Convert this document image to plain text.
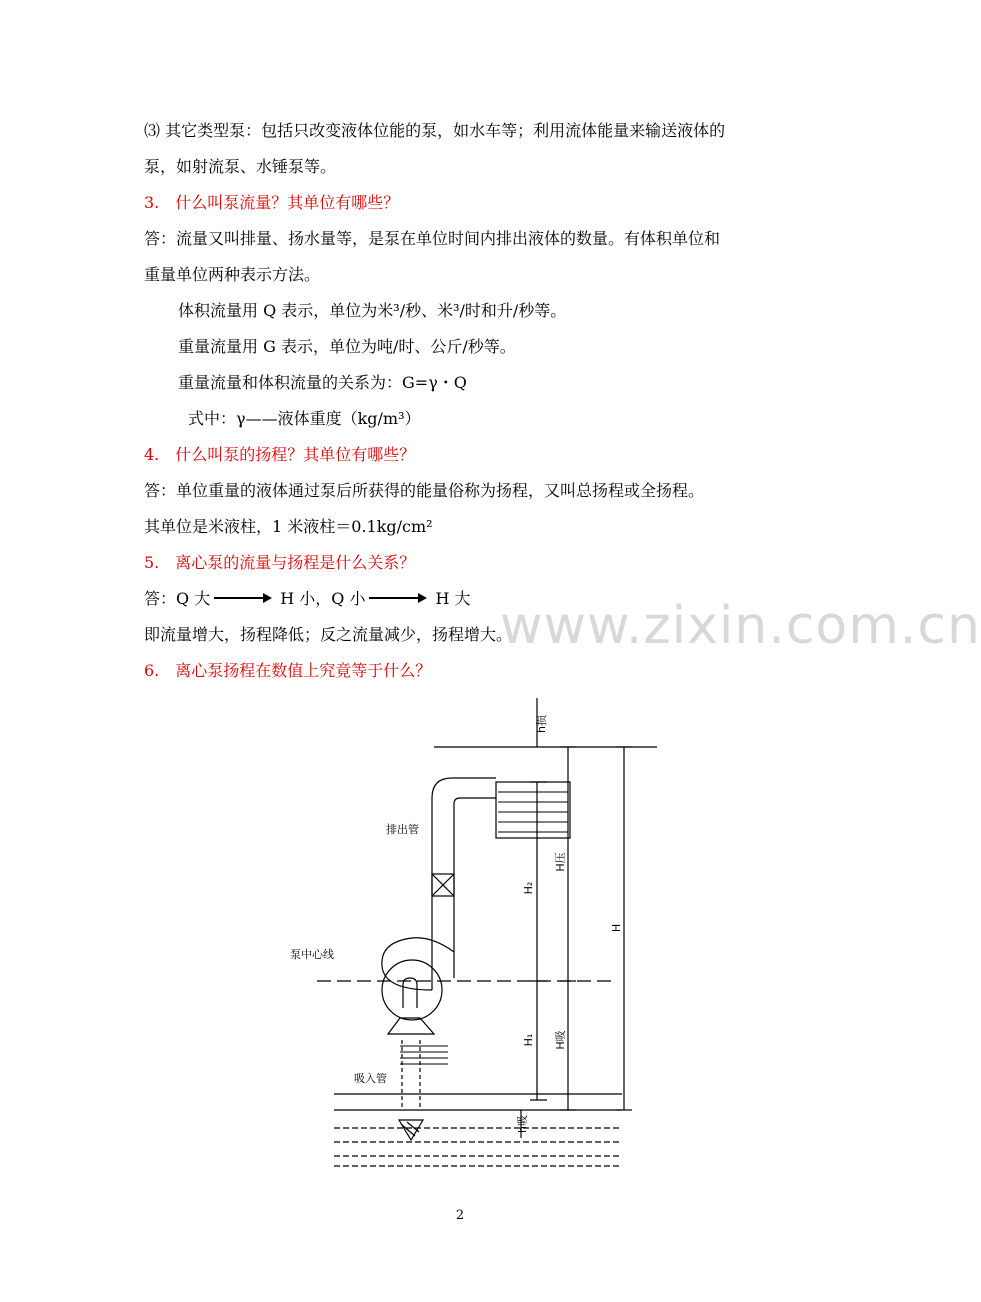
⑶ 其它类型泵：包括只改变液体位能的泵，如水车等；利用流体能量来输送液体的
泵，如射流泵、水锤泵等。
3.　什么叫泵流量？其单位有哪些？
答：流量又叫排量、扬水量等，是泵在单位时间内排出液体的数量。有体积单位和
重量单位两种表示方法。
体积流量用 Q 表示，单位为米³/秒、米³/时和升/秒等。
重量流量用 G 表示，单位为吨/时、公斤/秒等。
重量流量和体积流量的关系为：G=γ・Q
式中：γ——液体重度（kg/m³）
4.　什么叫泵的扬程？其单位有哪些？
答：单位重量的液体通过泵后所获得的能量俗称为扬程，又叫总扬程或全扬程。
其单位是米液柱，1 米液柱＝0.1kg/cm²
5.　离心泵的流量与扬程是什么关系？
答：Q 大	H 小，Q 小	H 大
即流量增大，扬程降低；反之流量减少，扬程增大。
6.　离心泵扬程在数值上究竟等于什么？
www.zixin.com.cn
排出管
泵中心线
吸入管
h损
H₂
H压
H
H₁ H吸
h吸
2
